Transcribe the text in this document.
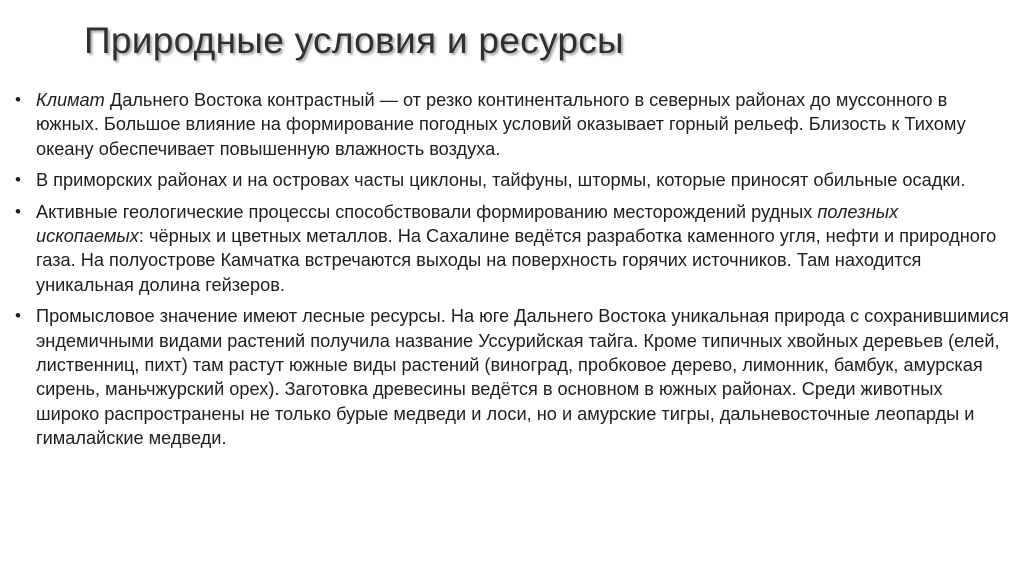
Природные условия и ресурсы
• Климат Дальнего Востока контрастный — от резко континентального в северных районах до муссонного в южных. Большое влияние на формирование погодных условий оказывает горный рельеф. Близость к Тихому океану обеспечивает повышенную влажность воздуха.
• В приморских районах и на островах часты циклоны, тайфуны, штормы, которые приносят обильные осадки.
• Активные геологические процессы способствовали формированию месторождений рудных полезных ископаемых: чёрных и цветных металлов. На Сахалине ведётся разработка каменного угля, нефти и природного газа. На полуострове Камчатка встречаются выходы на поверхность горячих источников. Там находится уникальная долина гейзеров.
• Промысловое значение имеют лесные ресурсы. На юге Дальнего Востока уникальная природа с сохранившимися эндемичными видами растений получила название Уссурийская тайга. Кроме типичных хвойных деревьев (елей, лиственниц, пихт) там растут южные виды растений (виноград, пробковое дерево, лимонник, бамбук, амурская сирень, маньчжурский орех). Заготовка древесины ведётся в основном в южных районах. Среди животных широко распространены не только бурые медведи и лоси, но и амурские тигры, дальневосточные леопарды и гималайские медведи.
